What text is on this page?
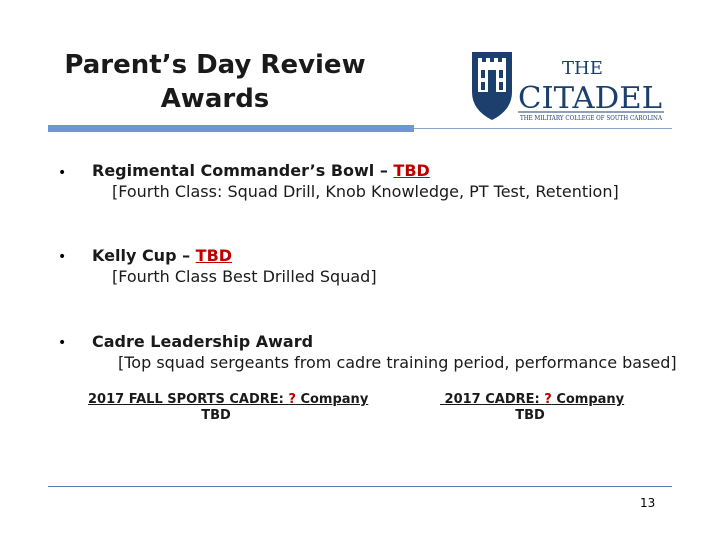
Parent’s Day Review
Awards
THE
CITADEL
THE MILITARY COLLEGE OF SOUTH CAROLINA
• Regimental Commander’s Bowl – TBD
[Fourth Class: Squad Drill, Knob Knowledge, PT Test, Retention]
• Kelly Cup – TBD
[Fourth Class Best Drilled Squad]
• Cadre Leadership Award
[Top squad sergeants from cadre training period, performance based]
2017 FALL SPORTS CADRE: ? Company
TBD
2017 CADRE: ? Company
TBD
13
